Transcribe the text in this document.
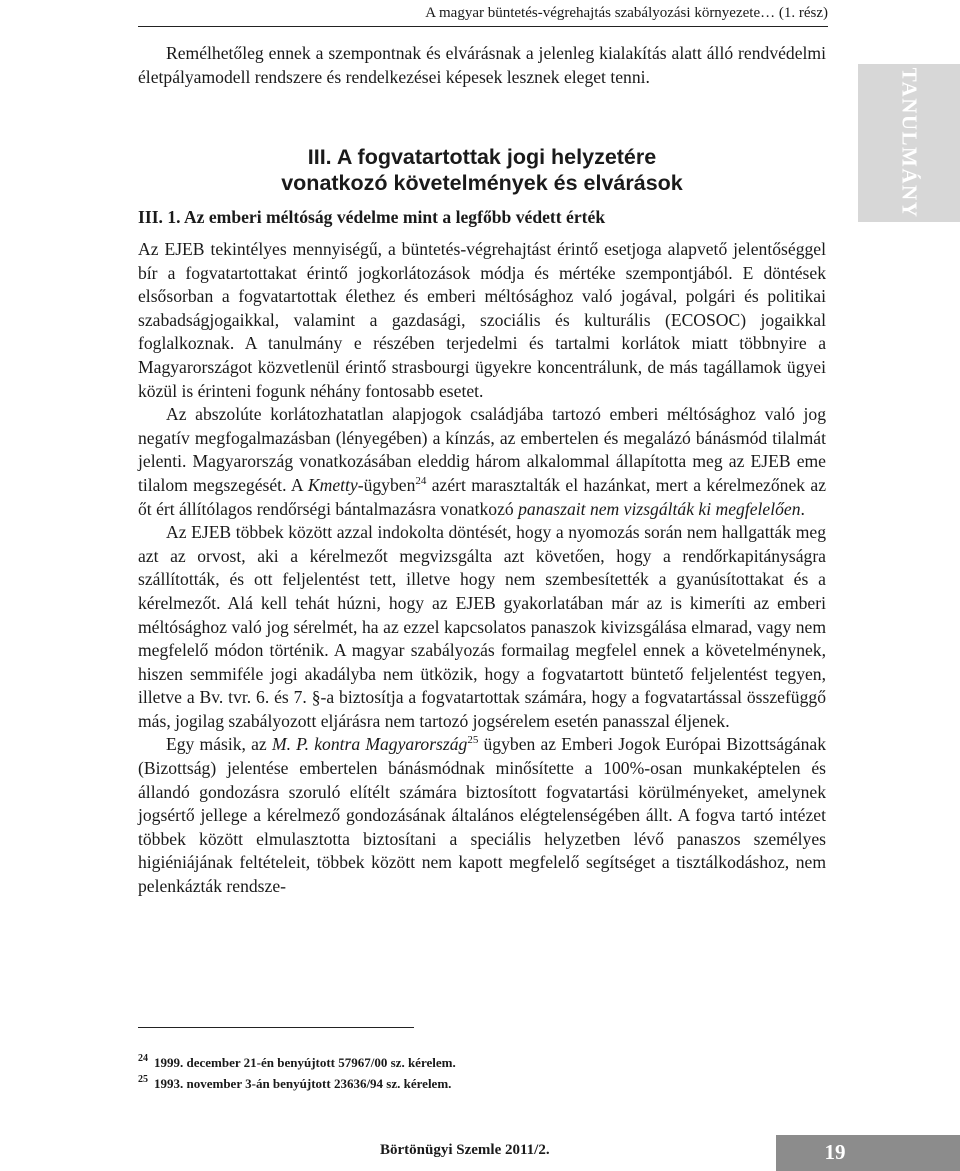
A magyar büntetés-végrehajtás szabályozási környezete… (1. rész)
TANULMÁNY

Remélhetőleg ennek a szempontnak és elvárásnak a jelenleg kialakítás alatt álló rendvédelmi életpályamodell rendszere és rendelkezései képesek lesznek eleget tenni.

III. A fogvatartottak jogi helyzetére
vonatkozó követelmények és elvárások
III. 1. Az emberi méltóság védelme mint a legfőbb védett érték

Az EJEB tekintélyes mennyiségű, a büntetés-végrehajtást érintő esetjoga alapvető jelentőséggel bír a fogvatartottakat érintő jogkorlátozások módja és mértéke szempontjából. E döntések elsősorban a fogvatartottak élethez és emberi méltósághoz való jogával, polgári és politikai szabadságjogaikkal, valamint a gazdasági, szociális és kulturális (ECOSOC) jogaikkal foglalkoznak. A tanulmány e részében terjedelmi és tartalmi korlátok miatt többnyire a Magyarországot közvetlenül érintő strasbourgi ügyekre koncentrálunk, de más tagállamok ügyei közül is érinteni fogunk néhány fontosabb esetet.

Az abszolúte korlátozhatatlan alapjogok családjába tartozó emberi méltósághoz való jog negatív megfogalmazásban (lényegében) a kínzás, az embertelen és megalázó bánásmód tilalmát jelenti. Magyarország vonatkozásában eleddig három alkalommal állapította meg az EJEB eme tilalom megszegését. A Kmetty-ügyben$^{24}$ azért marasztalták el hazánkat, mert a kérelmezőnek az őt ért állítólagos rendőrségi bántalmazásra vonatkozó panaszait nem vizsgálták ki megfelelően.

Az EJEB többek között azzal indokolta döntését, hogy a nyomozás során nem hallgatták meg azt az orvost, aki a kérelmezőt megvizsgálta azt követően, hogy a rendőrkapitányságra szállították, és ott feljelentést tett, illetve hogy nem szembesítették a gyanúsítottakat és a kérelmezőt. Alá kell tehát húzni, hogy az EJEB gyakorlatában már az is kimeríti az emberi méltósághoz való jog sérelmét, ha az ezzel kapcsolatos panaszok kivizsgálása elmarad, vagy nem megfelelő módon történik. A magyar szabályozás formailag megfelel ennek a követelménynek, hiszen semmiféle jogi akadályba nem ütközik, hogy a fogvatartott büntető feljelentést tegyen, illetve a Bv. tvr. 6. és 7. §-a biztosítja a fogvatartottak számára, hogy a fogvatartással összefüggő más, jogilag szabályozott eljárásra nem tartozó jogsérelem esetén panasszal éljenek.

Egy másik, az M. P. kontra Magyarország$^{25}$ ügyben az Emberi Jogok Európai Bizottságának (Bizottság) jelentése embertelen bánásmódnak minősítette a 100%-osan munkaképtelen és állandó gondozásra szoruló elítélt számára biztosított fogvatartási körülményeket, amelynek jogsértő jellege a kérelmező gondozásának általános elégtelenségében állt. A fogva tartó intézet többek között elmulasztotta biztosítani a speciális helyzetben lévő panaszos személyes higiéniájának feltételeit, többek között nem kapott megfelelő segítséget a tisztálkodáshoz, nem pelenkázták rendsze-

24 1999. december 21-én benyújtott 57967/00 sz. kérelem.
25 1993. november 3-án benyújtott 23636/94 sz. kérelem.
Börtönügyi Szemle 2011/2.	19
